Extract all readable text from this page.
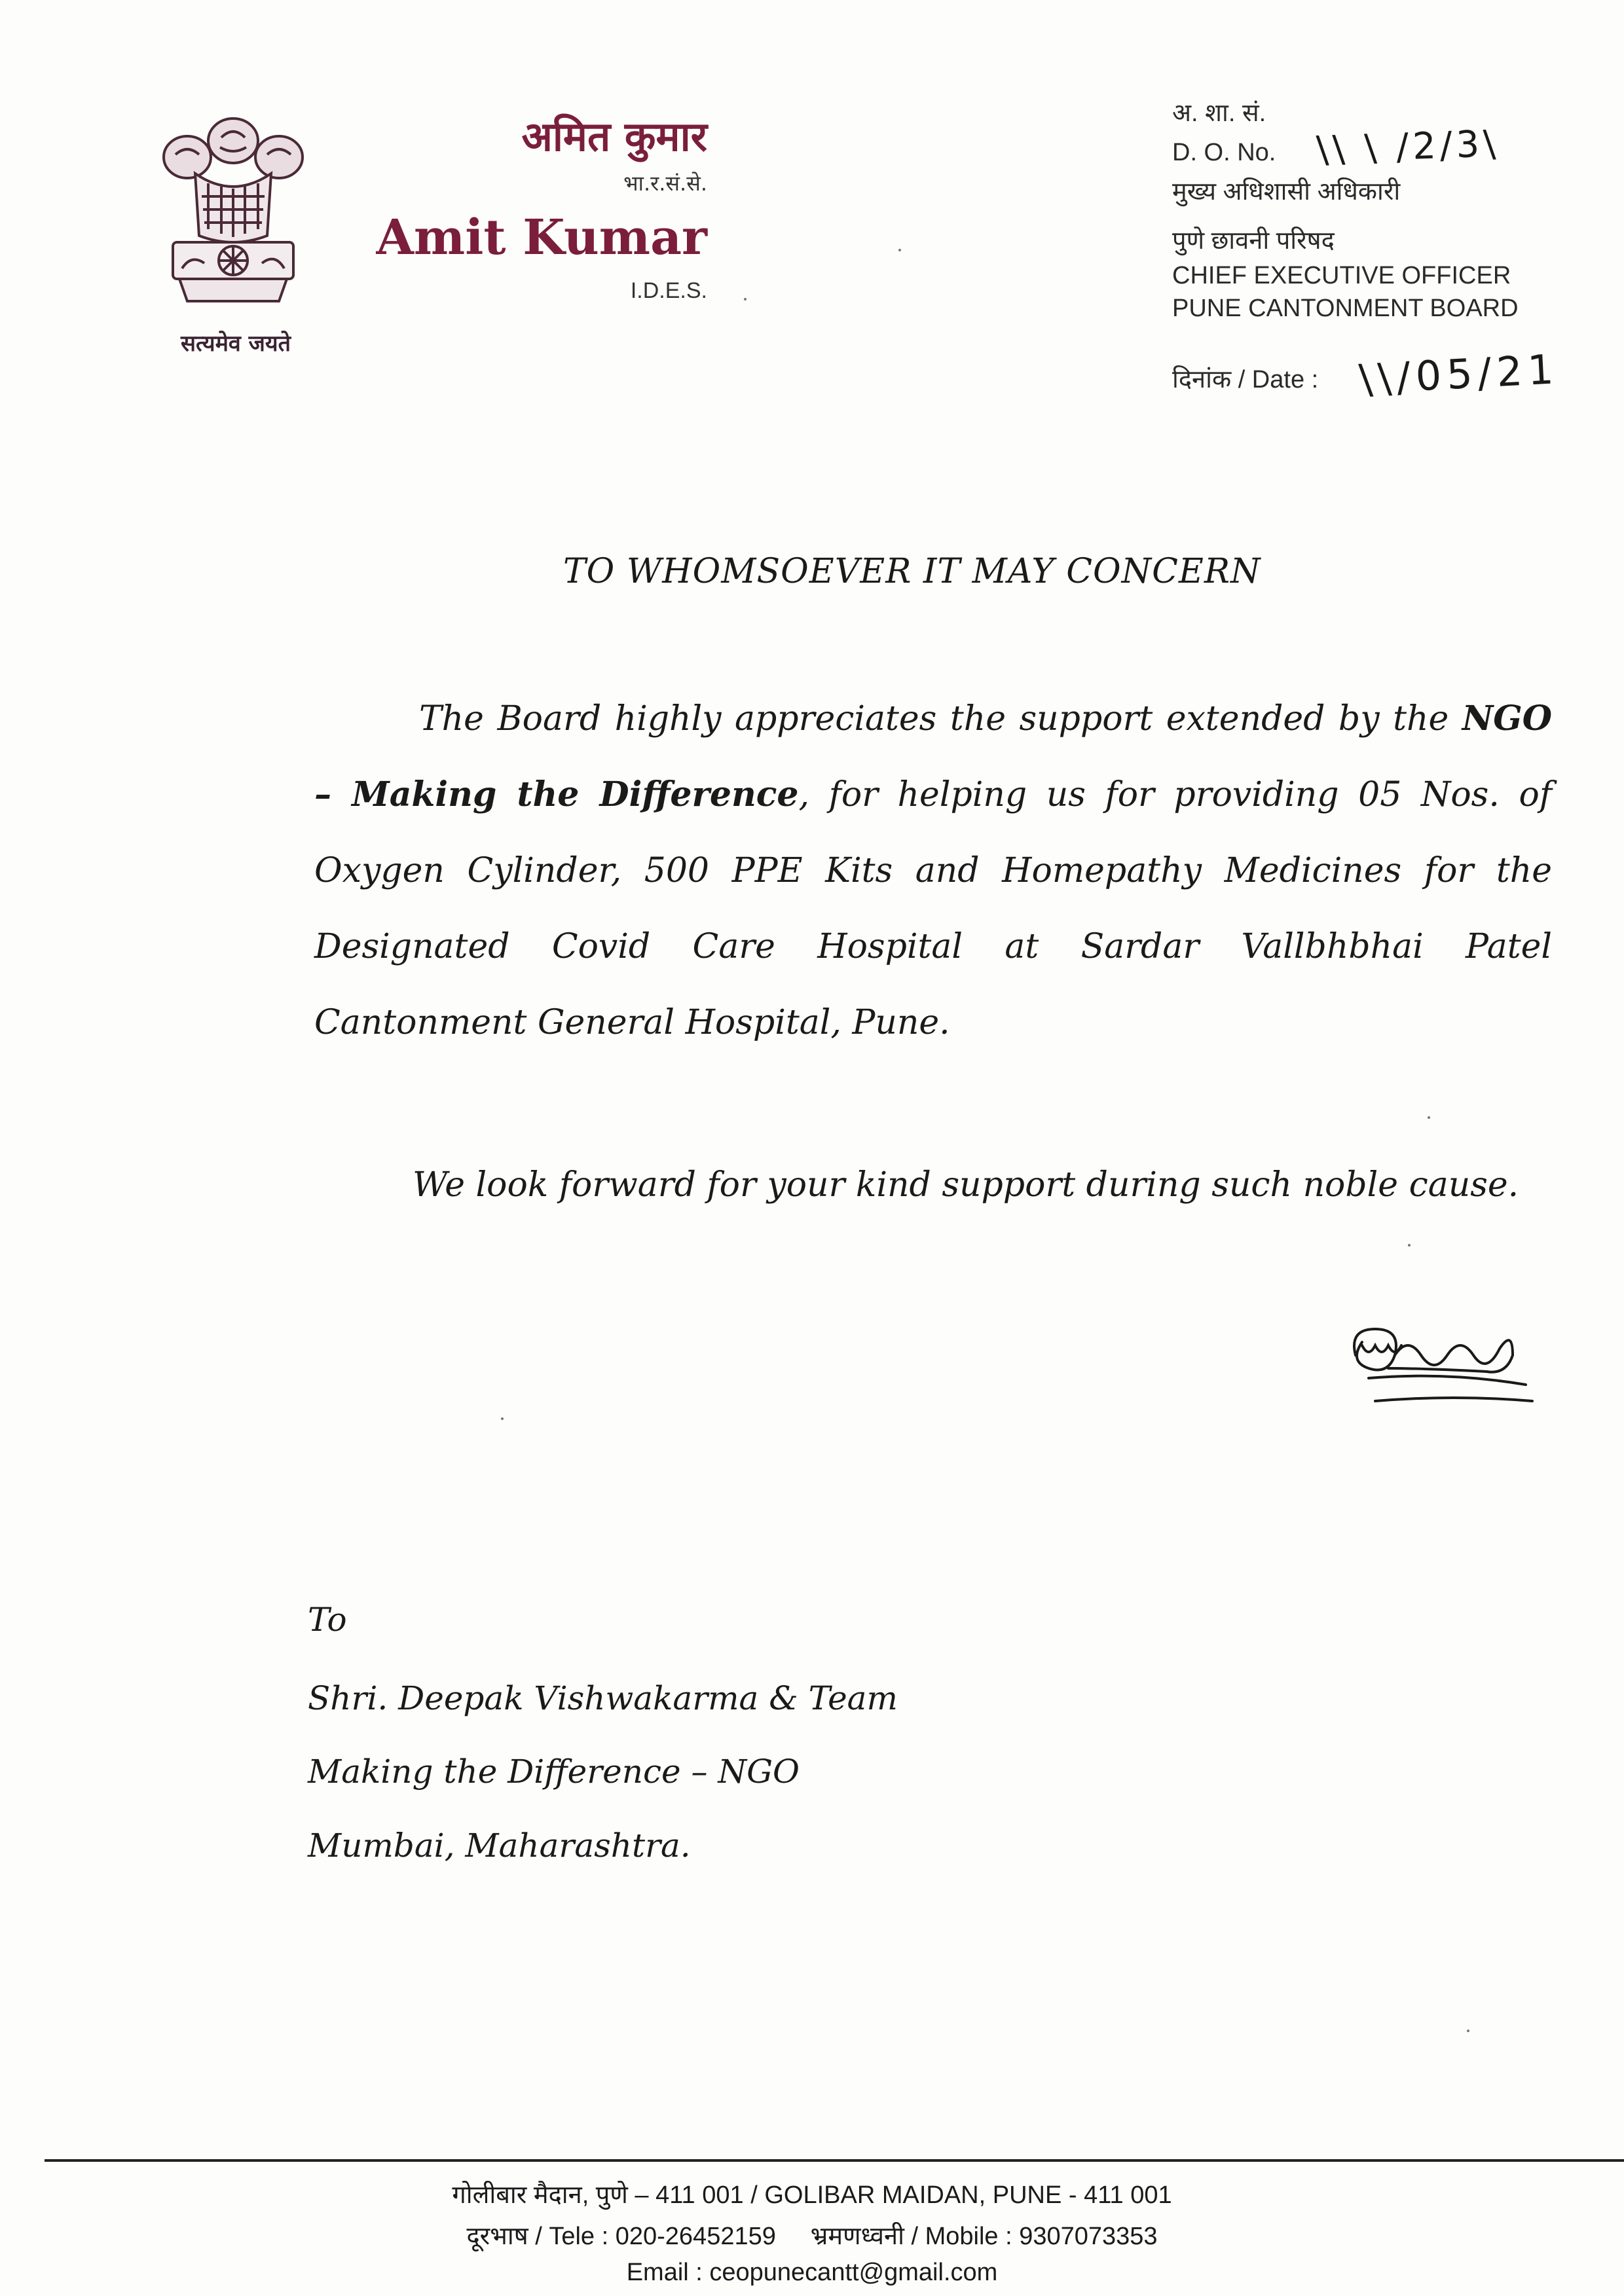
सत्यमेव जयते
अमित कुमार
भा.र.सं.से.
Amit Kumar
I.D.E.S.
अ. शा. सं.
D. O. No. \\ \ /2/3\
मुख्य अधिशासी अधिकारी
पुणे छावनी परिषद
CHIEF EXECUTIVE OFFICER
PUNE CANTONMENT BOARD
दिनांक / Date : \\/05/21
TO WHOMSOEVER IT MAY CONCERN

The Board highly appreciates the support extended by the NGO – Making the Difference, for helping us for providing 05 Nos. of Oxygen Cylinder, 500 PPE Kits and Homepathy Medicines for the Designated Covid Care Hospital at Sardar Vallbhbhai Patel Cantonment General Hospital, Pune.

We look forward for your kind support during such noble cause.
To
Shri. Deepak Vishwakarma & Team
Making the Difference – NGO
Mumbai, Maharashtra.
गोलीबार मैदान, पुणे – 411 001 / GOLIBAR MAIDAN, PUNE - 411 001
दूरभाष / Tele : 020-26452159 भ्रमणध्वनी / Mobile : 9307073353
Email : ceopunecantt@gmail.com
